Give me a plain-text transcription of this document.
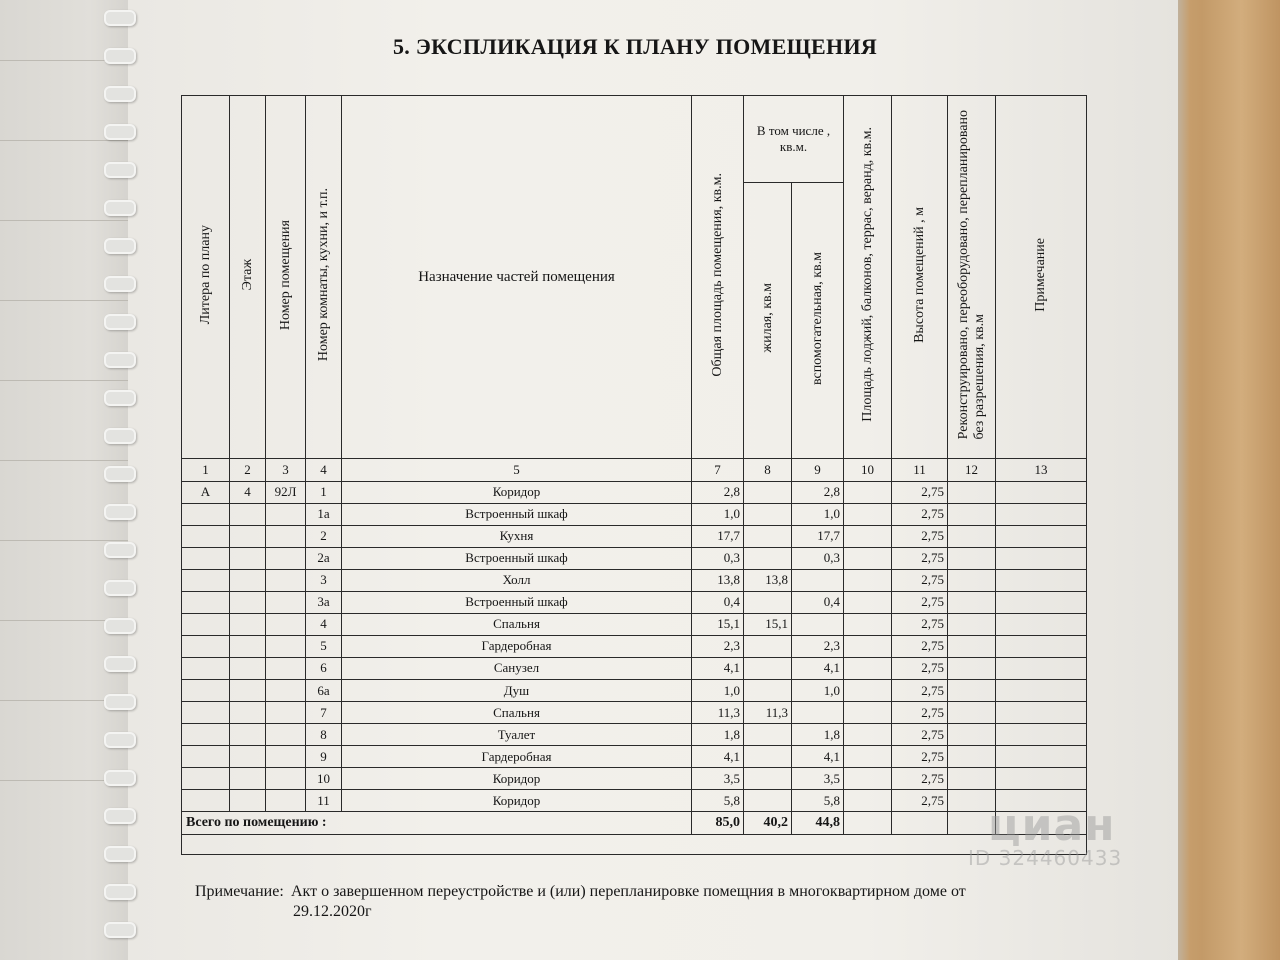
5. ЭКСПЛИКАЦИЯ К ПЛАНУ ПОМЕЩЕНИЯ
Литера по плану	Этаж	Номер помещения	Номер комнаты, кухни, и т.п.	Назначение частей помещения	Общая площадь помещения, кв.м.	В том числе ,
кв.м.		Площадь лоджий, балконов, террас, веранд, кв.м.	Высота помещений , м	Реконструировано, переоборудовано, перепланированобез разрешения, кв.м	Примечание
						жилая, кв.м	вспомогательная, кв.м				
1	2	3	4	5	7	8	9	10	11	12	13
А	4	92Л	1	Коридор	2,8		2,8		2,75		
			1а	Встроенный шкаф	1,0		1,0		2,75		
			2	Кухня	17,7		17,7		2,75		
			2а	Встроенный шкаф	0,3		0,3		2,75		
			3	Холл	13,8	13,8			2,75		
			3а	Встроенный шкаф	0,4		0,4		2,75		
			4	Спальня	15,1	15,1			2,75		
			5	Гардеробная	2,3		2,3		2,75		
			6	Санузел	4,1		4,1		2,75		
			6а	Душ	1,0		1,0		2,75		
			7	Спальня	11,3	11,3			2,75		
			8	Туалет	1,8		1,8		2,75		
			9	Гардеробная	4,1		4,1		2,75		
			10	Коридор	3,5		3,5		2,75		
			11	Коридор	5,8		5,8		2,75		
Всего по помещению :					85,0	40,2	44,8				

Примечание: Акт о завершенном переустройстве и (или) перепланировке помещния в многоквартирном доме от
29.12.2020г
циан
ID 324460433
